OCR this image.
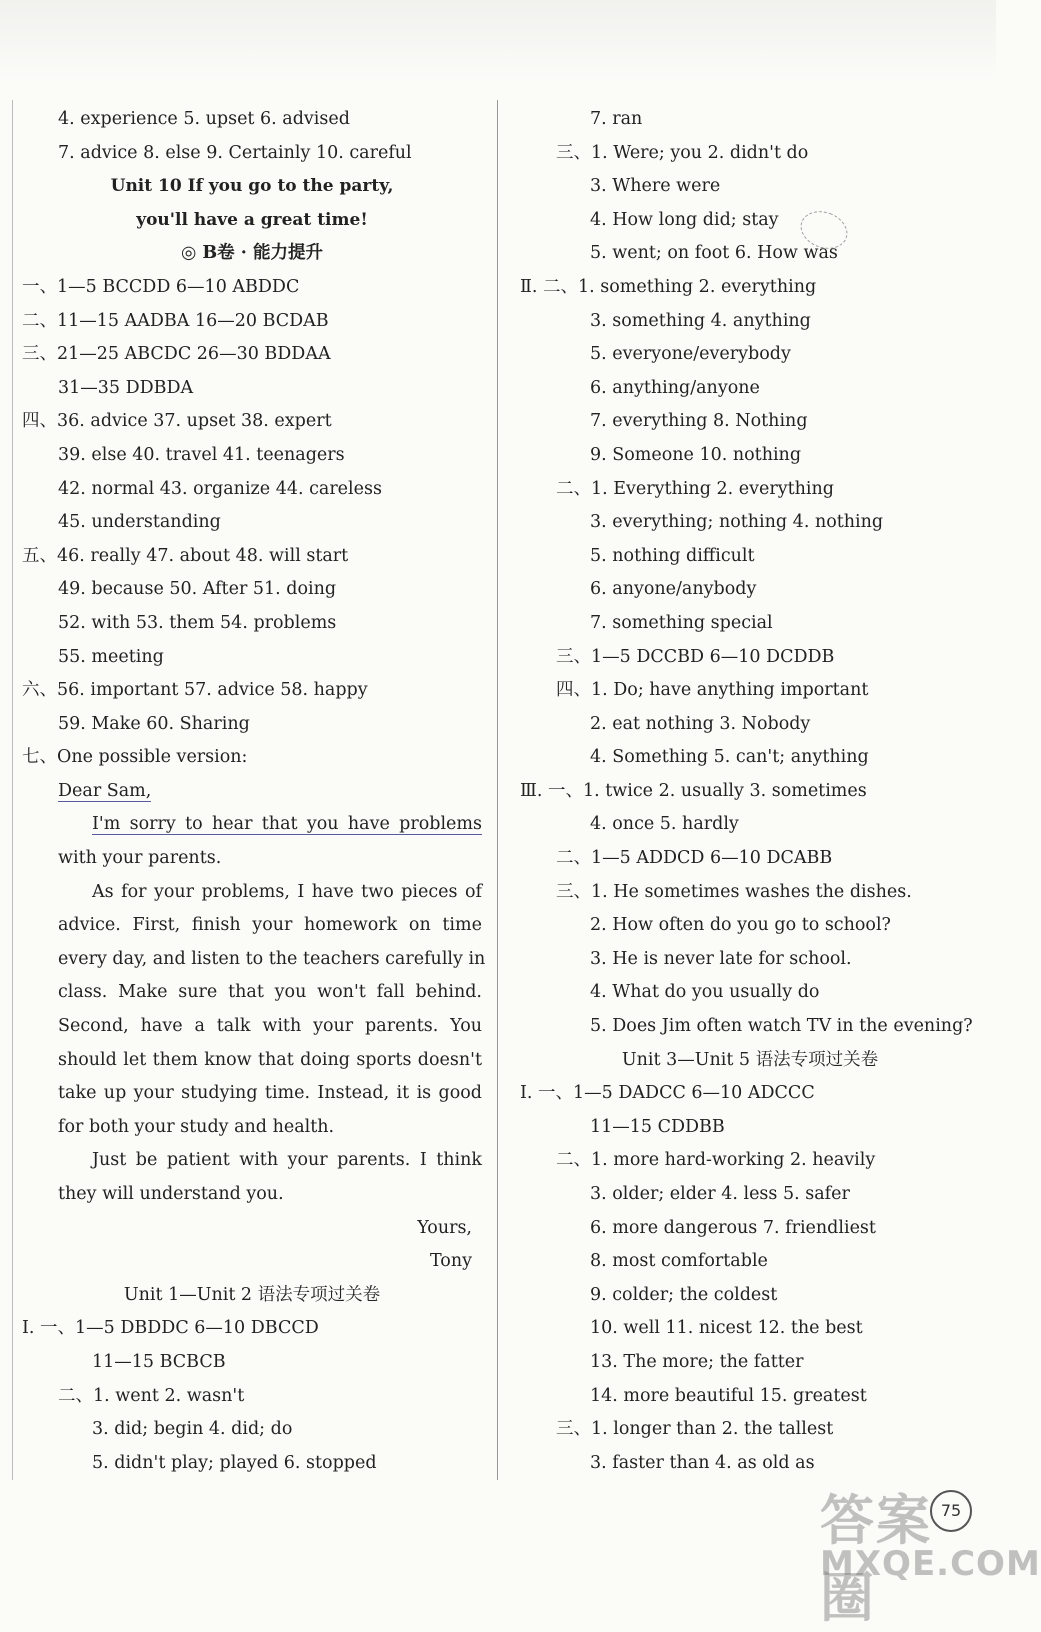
4. experience 5. upset 6. advised
7. advice 8. else 9. Certainly 10. careful
Unit 10 If you go to the party,
you'll have a great time!
◎ B卷 · 能力提升
一、1—5 BCCDD 6—10 ABDDC
二、11—15 AADBA 16—20 BCDAB
三、21—25 ABCDC 26—30 BDDAA
31—35 DDBDA
四、36. advice 37. upset 38. expert
39. else 40. travel 41. teenagers
42. normal 43. organize 44. careless
45. understanding
五、46. really 47. about 48. will start
49. because 50. After 51. doing
52. with 53. them 54. problems
55. meeting
六、56. important 57. advice 58. happy
59. Make 60. Sharing
七、One possible version:
Dear Sam,
I'm sorry to hear that you have problems
with your parents.
As for your problems, I have two pieces of
advice. First, finish your homework on time
every day, and listen to the teachers carefully in
class. Make sure that you won't fall behind.
Second, have a talk with your parents. You
should let them know that doing sports doesn't
take up your studying time. Instead, it is good
for both your study and health.
Just be patient with your parents. I think
they will understand you.
Yours,
Tony
Unit 1—Unit 2 语法专项过关卷
Ⅰ. 一、1—5 DBDDC 6—10 DBCCD
11—15 BCBCB
二、1. went 2. wasn't
3. did; begin 4. did; do
5. didn't play; played 6. stopped
7. ran
三、1. Were; you 2. didn't do
3. Where were
4. How long did; stay
5. went; on foot 6. How was
Ⅱ. 二、1. something 2. everything
3. something 4. anything
5. everyone/everybody
6. anything/anyone
7. everything 8. Nothing
9. Someone 10. nothing
二、1. Everything 2. everything
3. everything; nothing 4. nothing
5. nothing difficult
6. anyone/anybody
7. something special
三、1—5 DCCBD 6—10 DCDDB
四、1. Do; have anything important
2. eat nothing 3. Nobody
4. Something 5. can't; anything
Ⅲ. 一、1. twice 2. usually 3. sometimes
4. once 5. hardly
二、1—5 ADDCD 6—10 DCABB
三、1. He sometimes washes the dishes.
2. How often do you go to school?
3. He is never late for school.
4. What do you usually do
5. Does Jim often watch TV in the evening?
Unit 3—Unit 5 语法专项过关卷
Ⅰ. 一、1—5 DADCC 6—10 ADCCC
11—15 CDDBB
二、1. more hard-working 2. heavily
3. older; elder 4. less 5. safer
6. more dangerous 7. friendliest
8. most comfortable
9. colder; the coldest
10. well 11. nicest 12. the best
13. The more; the fatter
14. more beautiful 15. greatest
三、1. longer than 2. the tallest
3. faster than 4. as old as
答案圈
MXQE.COM
75
